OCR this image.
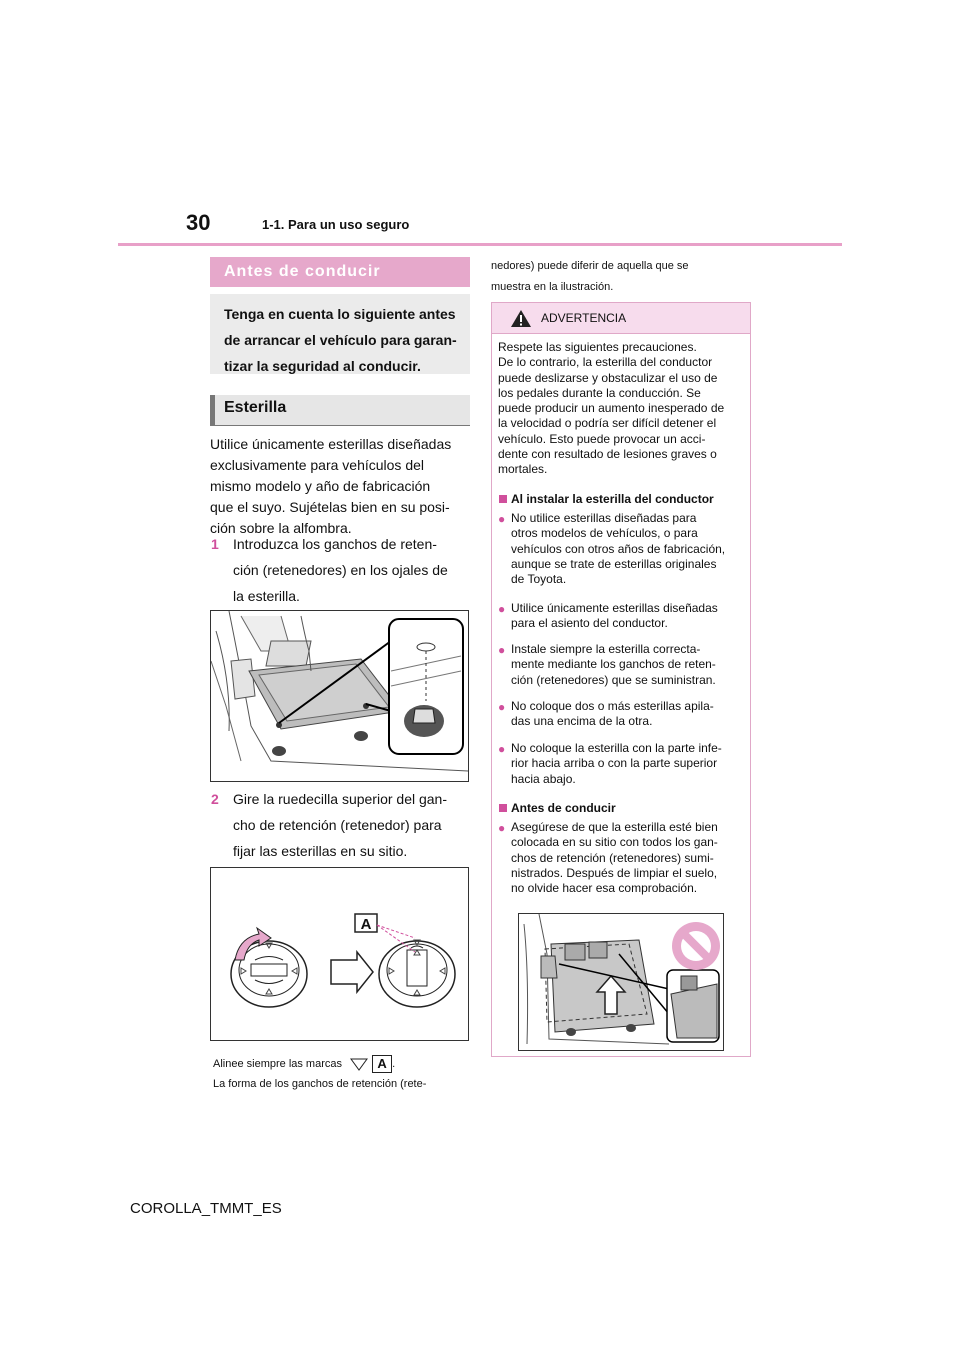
30	1-1. Para un uso seguro
Antes de conducir
Tenga en cuenta lo siguiente antes
de arrancar el vehículo para garan-
tizar la seguridad al conducir.
Esterilla
Utilice únicamente esterillas diseñadas
exclusivamente para vehículos del
mismo modelo y año de fabricación
que el suyo. Sujételas bien en su posi-
ción sobre la alfombra.
1 Introduzca los ganchos de reten-
ción (retenedores) en los ojales de
la esterilla.
2 Gire la ruedecilla superior del gan-
cho de retención (retenedor) para
fijar las esterillas en su sitio.
A
Alinee siempre las marcas	A .
La forma de los ganchos de retención (rete-
nedores) puede diferir de aquella que se
muestra en la ilustración.
ADVERTENCIA
Respete las siguientes precauciones.
De lo contrario, la esterilla del conductor
puede deslizarse y obstaculizar el uso de
los pedales durante la conducción. Se
puede producir un aumento inesperado de
la velocidad o podría ser difícil detener el
vehículo. Esto puede provocar un acci-
dente con resultado de lesiones graves o
mortales.
Al instalar la esterilla del conductor
● No utilice esterillas diseñadas para
otros modelos de vehículos, o para
vehículos con otros años de fabricación,
aunque se trate de esterillas originales
de Toyota.
● Utilice únicamente esterillas diseñadas
para el asiento del conductor.
● Instale siempre la esterilla correcta-
mente mediante los ganchos de reten-
ción (retenedores) que se suministran.
● No coloque dos o más esterillas apila-
das una encima de la otra.
● No coloque la esterilla con la parte infe-
rior hacia arriba o con la parte superior
hacia abajo.
Antes de conducir
● Asegúrese de que la esterilla esté bien
colocada en su sitio con todos los gan-
chos de retención (retenedores) sumi-
nistrados. Después de limpiar el suelo,
no olvide hacer esa comprobación.
COROLLA_TMMT_ES
